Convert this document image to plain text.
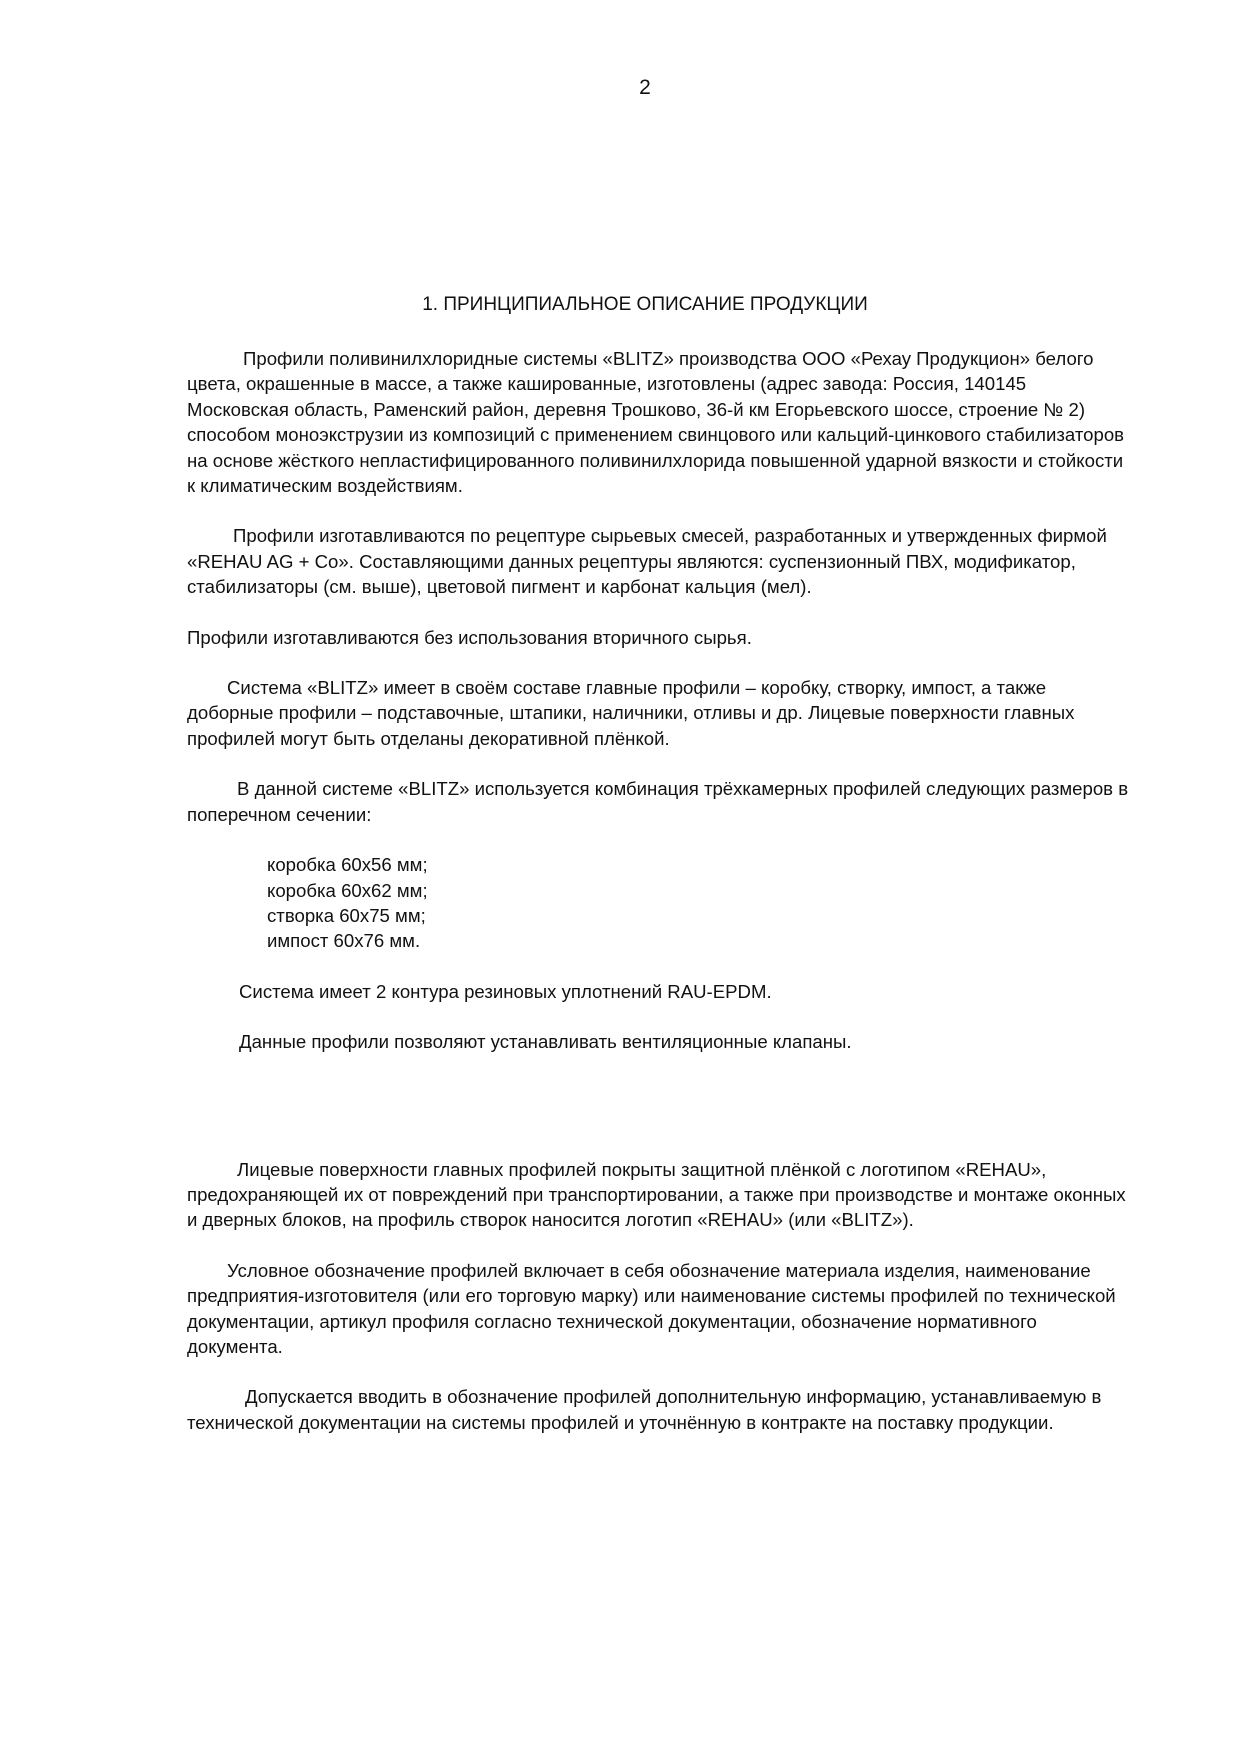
2
1. ПРИНЦИПИАЛЬНОЕ ОПИСАНИЕ ПРОДУКЦИИ

Профили поливинилхлоридные системы «BLITZ» производства ООО «Рехау Продукцион» белого цвета, окрашенные в массе, а также кашированные, изготовлены (адрес завода: Россия, 140145 Московская область, Раменский район, деревня Трошково, 36-й км Егорьевского шоссе, строение № 2) способом моноэкструзии из композиций с применением свинцового или кальций-цинкового стабилизаторов на основе жёсткого непластифицированного поливинилхлорида повышенной ударной вязкости и стойкости к климатическим воздействиям.

Профили изготавливаются по рецептуре сырьевых смесей, разработанных и утвержденных фирмой «REHAU AG + Co». Составляющими данных рецептуры являются: суспензионный ПВХ, модификатор, стабилизаторы (см. выше), цветовой пигмент и карбонат кальция (мел).

Профили изготавливаются без использования вторичного сырья.

Система «BLITZ» имеет в своём составе главные профили – коробку, створку, импост, а также доборные профили – подставочные, штапики, наличники, отливы и др. Лицевые поверхности главных профилей могут быть отделаны декоративной плёнкой.

В данной системе «BLITZ» используется комбинация трёхкамерных профилей следующих размеров в поперечном сечении:

коробка 60х56 мм;
коробка 60х62 мм;
створка 60х75 мм;
импост 60х76 мм.

Система имеет 2 контура резиновых уплотнений RAU-EPDM.

Данные профили позволяют устанавливать вентиляционные клапаны.

Лицевые поверхности главных профилей покрыты защитной плёнкой с логотипом «REHAU», предохраняющей их от повреждений при транспортировании, а также при производстве и монтаже оконных и дверных блоков, на профиль створок наносится логотип «REHAU» (или «BLITZ»).

Условное обозначение профилей включает в себя обозначение материала изделия, наименование предприятия-изготовителя (или его торговую марку) или наименование системы профилей по технической документации, артикул профиля согласно технической документации, обозначение нормативного документа.

Допускается вводить в обозначение профилей дополнительную информацию, устанавливаемую в технической документации на системы профилей и уточнённую в контракте на поставку продукции.
